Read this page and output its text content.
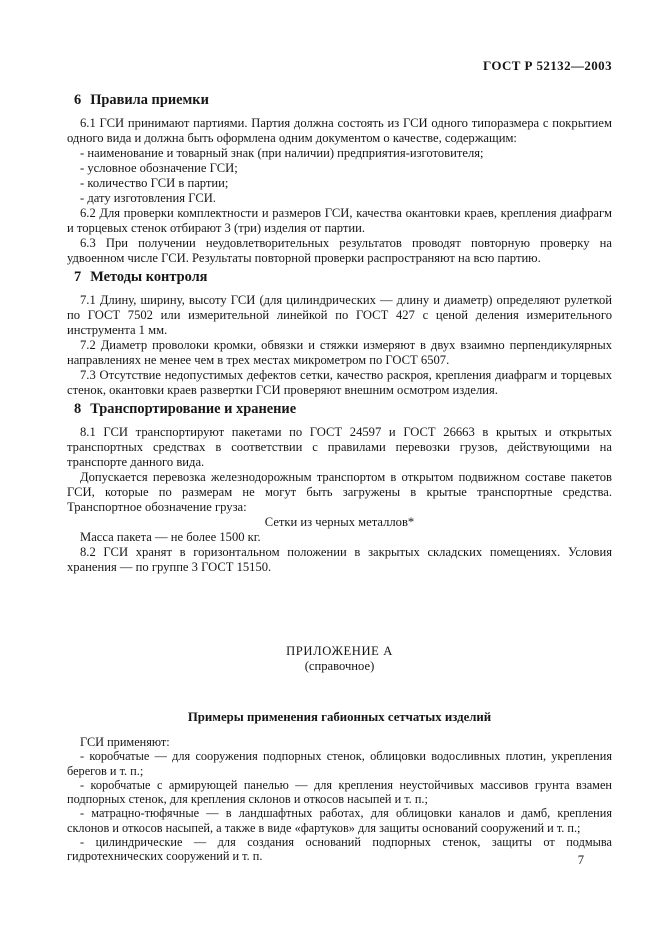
ГОСТ Р 52132—2003
6 Правила приемки

6.1 ГСИ принимают партиями. Партия должна состоять из ГСИ одного типоразмера с покрытием одного вида и должна быть оформлена одним документом о качестве, содержащим:

- наименование и товарный знак (при наличии) предприятия-изготовителя;

- условное обозначение ГСИ;

- количество ГСИ в партии;

- дату изготовления ГСИ.

6.2 Для проверки комплектности и размеров ГСИ, качества окантовки краев, крепления диафрагм и торцевых стенок отбирают 3 (три) изделия от партии.

6.3 При получении неудовлетворительных результатов проводят повторную проверку на удвоенном числе ГСИ. Результаты повторной проверки распространяют на всю партию.

7 Методы контроля

7.1 Длину, ширину, высоту ГСИ (для цилиндрических — длину и диаметр) определяют рулеткой по ГОСТ 7502 или измерительной линейкой по ГОСТ 427 с ценой деления измерительного инструмента 1 мм.

7.2 Диаметр проволоки кромки, обвязки и стяжки измеряют в двух взаимно перпендикулярных направлениях не менее чем в трех местах микрометром по ГОСТ 6507.

7.3 Отсутствие недопустимых дефектов сетки, качество раскроя, крепления диафрагм и торцевых стенок, окантовки краев развертки ГСИ проверяют внешним осмотром изделия.

8 Транспортирование и хранение

8.1 ГСИ транспортируют пакетами по ГОСТ 24597 и ГОСТ 26663 в крытых и открытых транспортных средствах в соответствии с правилами перевозки грузов, действующими на транспорте данного вида.

Допускается перевозка железнодорожным транспортом в открытом подвижном составе пакетов ГСИ, которые по размерам не могут быть загружены в крытые транспортные средства. Транспортное обозначение груза:

Сетки из черных металлов*

Масса пакета — не более 1500 кг.

8.2 ГСИ хранят в горизонтальном положении в закрытых складских помещениях. Условия хранения — по группе 3 ГОСТ 15150.

ПРИЛОЖЕНИЕ А

(справочное)

Примеры применения габионных сетчатых изделий

ГСИ применяют:

- коробчатые — для сооружения подпорных стенок, облицовки водосливных плотин, укрепления берегов и т. п.;

- коробчатые с армирующей панелью — для крепления неустойчивых массивов грунта взамен подпорных стенок, для крепления склонов и откосов насыпей и т. п.;

- матрацно-тюфячные — в ландшафтных работах, для облицовки каналов и дамб, крепления склонов и откосов насыпей, а также в виде «фартуков» для защиты оснований сооружений и т. п.;

- цилиндрические — для создания оснований подпорных стенок, защиты от подмыва гидротехнических сооружений и т. п.	7
